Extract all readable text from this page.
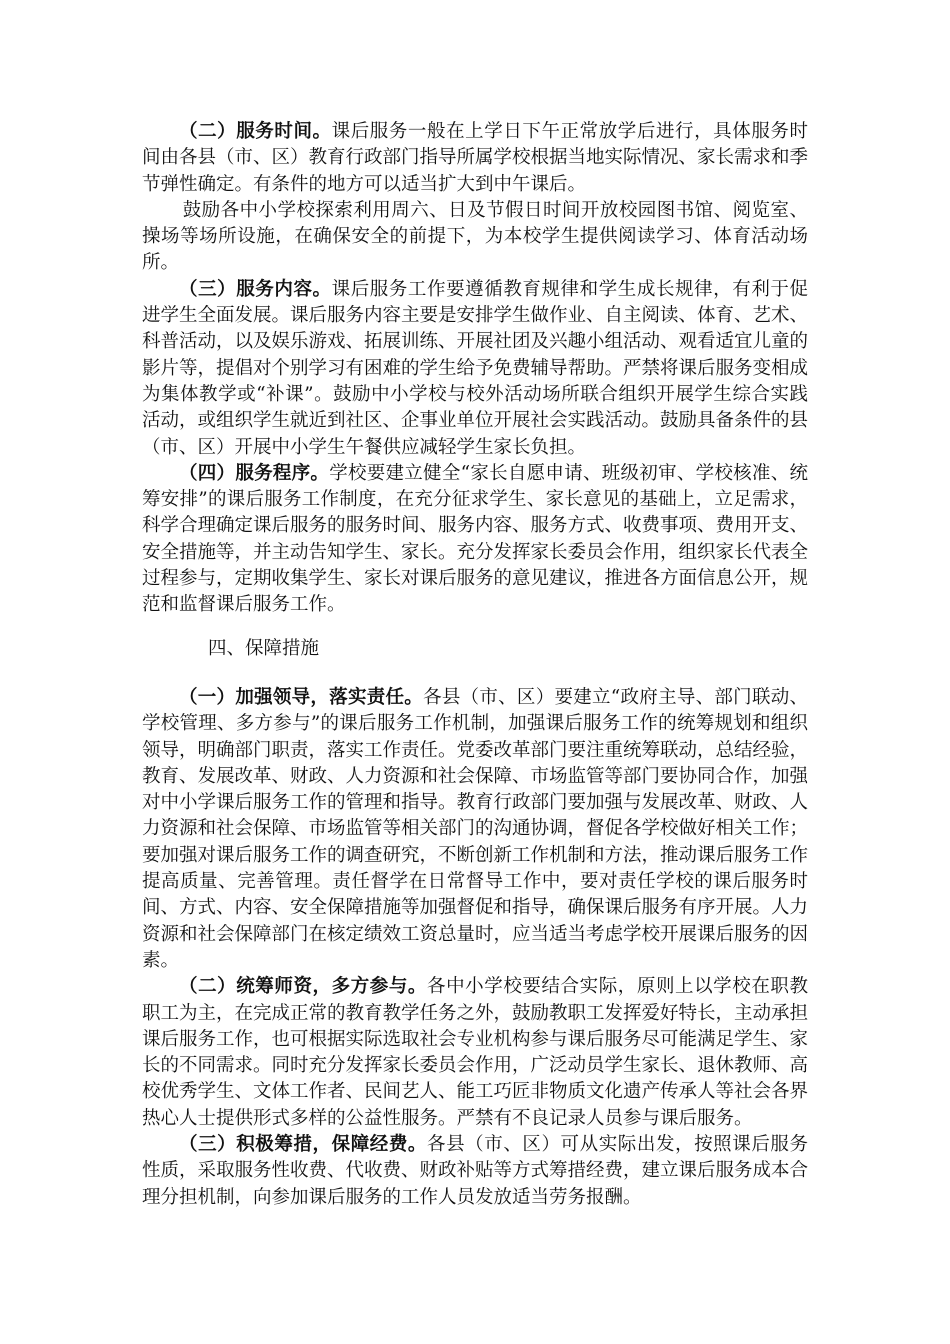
（二）服务时间。课后服务一般在上学日下午正常放学后进行，具体服务时间由各县（市、区）教育行政部门指导所属学校根据当地实际情况、家长需求和季节弹性确定。有条件的地方可以适当扩大到中午课后。

鼓励各中小学校探索利用周六、日及节假日时间开放校园图书馆、阅览室、操场等场所设施，在确保安全的前提下，为本校学生提供阅读学习、体育活动场所。

（三）服务内容。课后服务工作要遵循教育规律和学生成长规律，有利于促进学生全面发展。课后服务内容主要是安排学生做作业、自主阅读、体育、艺术、科普活动，以及娱乐游戏、拓展训练、开展社团及兴趣小组活动、观看适宜儿童的影片等，提倡对个别学习有困难的学生给予免费辅导帮助。严禁将课后服务变相成为集体教学或“补课”。鼓励中小学校与校外活动场所联合组织开展学生综合实践活动，或组织学生就近到社区、企事业单位开展社会实践活动。鼓励具备条件的县（市、区）开展中小学生午餐供应减轻学生家长负担。

（四）服务程序。学校要建立健全“家长自愿申请、班级初审、学校核准、统筹安排”的课后服务工作制度，在充分征求学生、家长意见的基础上，立足需求，科学合理确定课后服务的服务时间、服务内容、服务方式、收费事项、费用开支、安全措施等，并主动告知学生、家长。充分发挥家长委员会作用，组织家长代表全过程参与，定期收集学生、家长对课后服务的意见建议，推进各方面信息公开，规范和监督课后服务工作。

四、保障措施

（一）加强领导，落实责任。各县（市、区）要建立“政府主导、部门联动、学校管理、多方参与”的课后服务工作机制，加强课后服务工作的统筹规划和组织领导，明确部门职责，落实工作责任。党委改革部门要注重统筹联动，总结经验，教育、发展改革、财政、人力资源和社会保障、市场监管等部门要协同合作，加强对中小学课后服务工作的管理和指导。教育行政部门要加强与发展改革、财政、人力资源和社会保障、市场监管等相关部门的沟通协调，督促各学校做好相关工作；要加强对课后服务工作的调查研究，不断创新工作机制和方法，推动课后服务工作提高质量、完善管理。责任督学在日常督导工作中，要对责任学校的课后服务时间、方式、内容、安全保障措施等加强督促和指导，确保课后服务有序开展。人力资源和社会保障部门在核定绩效工资总量时，应当适当考虑学校开展课后服务的因素。

（二）统筹师资，多方参与。各中小学校要结合实际，原则上以学校在职教职工为主，在完成正常的教育教学任务之外，鼓励教职工发挥爱好特长，主动承担课后服务工作，也可根据实际选取社会专业机构参与课后服务尽可能满足学生、家长的不同需求。同时充分发挥家长委员会作用，广泛动员学生家长、退休教师、高校优秀学生、文体工作者、民间艺人、能工巧匠非物质文化遗产传承人等社会各界热心人士提供形式多样的公益性服务。严禁有不良记录人员参与课后服务。

（三）积极筹措，保障经费。各县（市、区）可从实际出发，按照课后服务性质，采取服务性收费、代收费、财政补贴等方式筹措经费，建立课后服务成本合理分担机制，向参加课后服务的工作人员发放适当劳务报酬。
